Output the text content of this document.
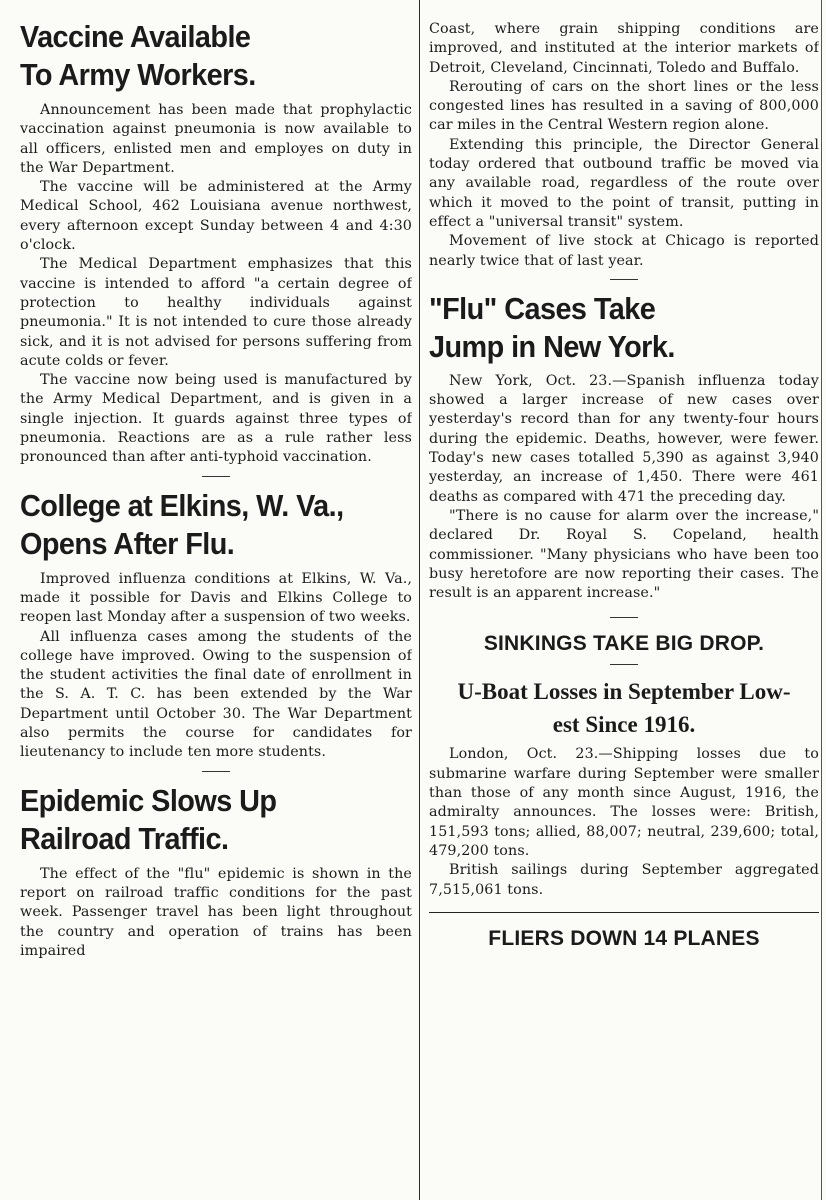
Vaccine Available
To Army Workers.

Announcement has been made that prophylactic vaccination against pneumonia is now available to all officers, enlisted men and employes on duty in the War Department.

The vaccine will be administered at the Army Medical School, 462 Louisiana avenue northwest, every afternoon except Sunday between 4 and 4:30 o'clock.

The Medical Department emphasizes that this vaccine is intended to afford "a certain degree of protection to healthy individuals against pneumonia." It is not intended to cure those already sick, and it is not advised for persons suffering from acute colds or fever.

The vaccine now being used is manufactured by the Army Medical Department, and is given in a single injection. It guards against three types of pneumonia. Reactions are as a rule rather less pronounced than after anti-typhoid vaccination.

College at Elkins, W. Va.,
Opens After Flu.

Improved influenza conditions at Elkins, W. Va., made it possible for Davis and Elkins College to reopen last Monday after a suspension of two weeks.

All influenza cases among the students of the college have improved. Owing to the suspension of the student activities the final date of enrollment in the S. A. T. C. has been extended by the War Department until October 30. The War Department also permits the course for candidates for lieutenancy to include ten more students.

Epidemic Slows Up
Railroad Traffic.

The effect of the "flu" epidemic is shown in the report on railroad traffic conditions for the past week. Passenger travel has been light throughout the country and operation of trains has been impaired

Coast, where grain shipping conditions are improved, and instituted at the interior markets of Detroit, Cleveland, Cincinnati, Toledo and Buffalo.

Rerouting of cars on the short lines or the less congested lines has resulted in a saving of 800,000 car miles in the Central Western region alone.

Extending this principle, the Director General today ordered that outbound traffic be moved via any available road, regardless of the route over which it moved to the point of transit, putting in effect a "universal transit" system.

Movement of live stock at Chicago is reported nearly twice that of last year.

"Flu" Cases Take
Jump in New York.

New York, Oct. 23.—Spanish influenza today showed a larger increase of new cases over yesterday's record than for any twenty-four hours during the epidemic. Deaths, however, were fewer. Today's new cases totalled 5,390 as against 3,940 yesterday, an increase of 1,450. There were 461 deaths as compared with 471 the preceding day.

"There is no cause for alarm over the increase," declared Dr. Royal S. Copeland, health commissioner. "Many physicians who have been too busy heretofore are now reporting their cases. The result is an apparent increase."

SINKINGS TAKE BIG DROP.
U-Boat Losses in September Low-
est Since 1916.

London, Oct. 23.—Shipping losses due to submarine warfare during September were smaller than those of any month since August, 1916, the admiralty announces. The losses were: British, 151,593 tons; allied, 88,007; neutral, 239,600; total, 479,200 tons.

British sailings during September aggregated 7,515,061 tons.

FLIERS DOWN 14 PLANES
